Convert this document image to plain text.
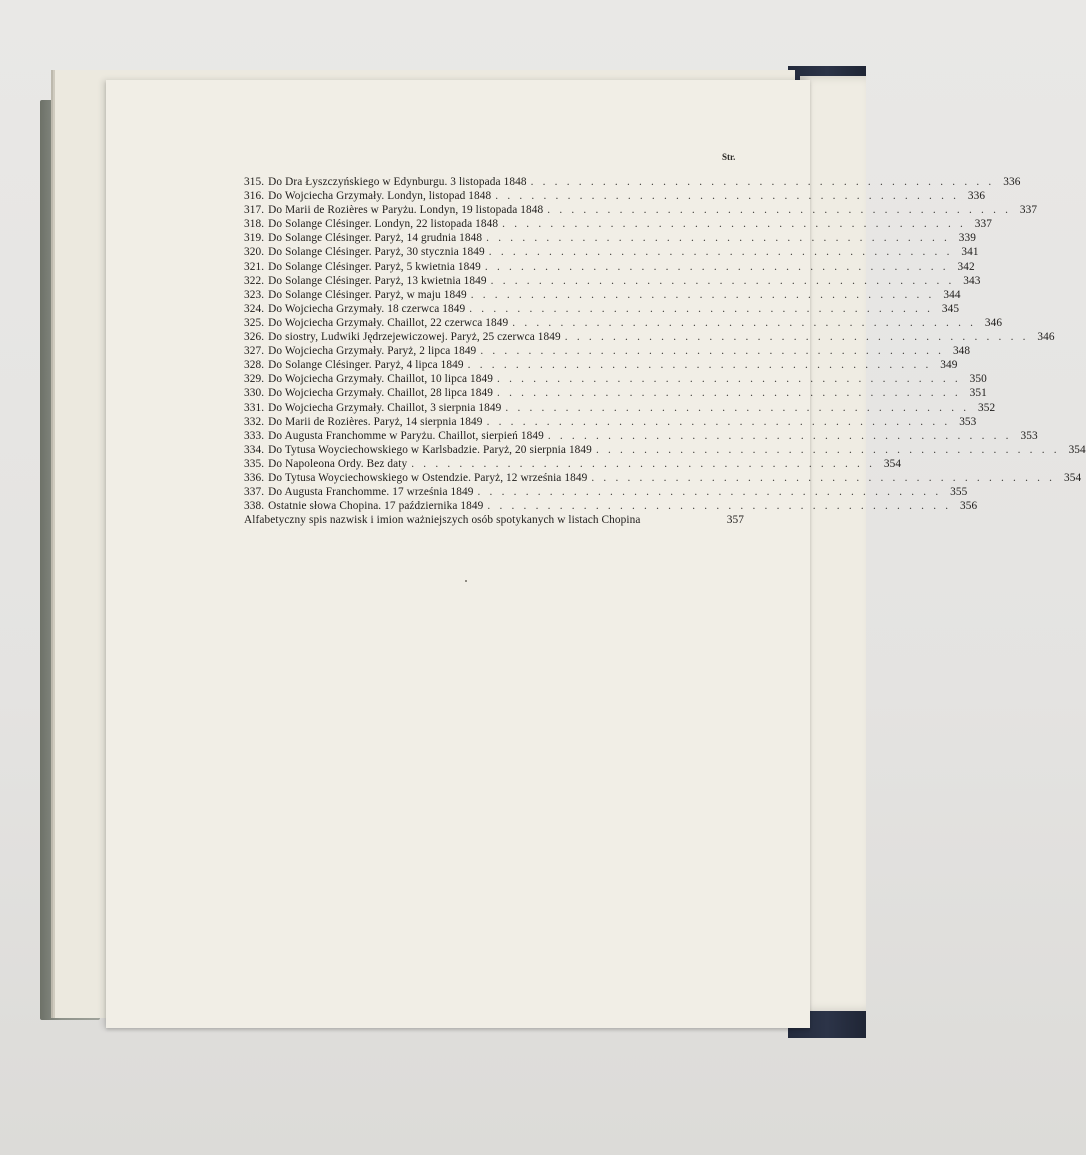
Str.
315. Do Dra Łyszczyńskiego w Edynburgu. 3 listopada 1848 . . .	336
316. Do Wojciecha Grzymały. Londyn, listopad 1848 . . .	336
317. Do Marii de Rozières w Paryżu. Londyn, 19 listopada 1848 . . .	337
318. Do Solange Clésinger. Londyn, 22 listopada 1848 . . .	337
319. Do Solange Clésinger. Paryż, 14 grudnia 1848 . . .	339
320. Do Solange Clésinger. Paryż, 30 stycznia 1849 . . .	341
321. Do Solange Clésinger. Paryż, 5 kwietnia 1849 . . .	342
322. Do Solange Clésinger. Paryż, 13 kwietnia 1849 . . .	343
323. Do Solange Clésinger. Paryż, w maju 1849 . . .	344
324. Do Wojciecha Grzymały. 18 czerwca 1849 . . .	345
325. Do Wojciecha Grzymały. Chaillot, 22 czerwca 1849 . . .	346
326. Do siostry, Ludwiki Jędrzejewiczowej. Paryż, 25 czerwca 1849 . . .	346
327. Do Wojciecha Grzymały. Paryż, 2 lipca 1849 . . .	348
328. Do Solange Clésinger. Paryż, 4 lipca 1849 . . .	349
329. Do Wojciecha Grzymały. Chaillot, 10 lipca 1849 . . .	350
330. Do Wojciecha Grzymały. Chaillot, 28 lipca 1849 . . .	351
331. Do Wojciecha Grzymały. Chaillot, 3 sierpnia 1849 . . .	352
332. Do Marii de Rozières. Paryż, 14 sierpnia 1849 . . .	353
333. Do Augusta Franchomme w Paryżu. Chaillot, sierpień 1849 . . .	353
334. Do Tytusa Woyciechowskiego w Karlsbadzie. Paryż, 20 sierpnia 1849 . . .	354
335. Do Napoleona Ordy. Bez daty . . .	354
336. Do Tytusa Woyciechowskiego w Ostendzie. Paryż, 12 września 1849 . . .	354
337. Do Augusta Franchomme. 17 września 1849 . . .	355
338. Ostatnie słowa Chopina. 17 października 1849 . . .	356
Alfabetyczny spis nazwisk i imion ważniejszych osób spotykanych w listach Chopina	357
